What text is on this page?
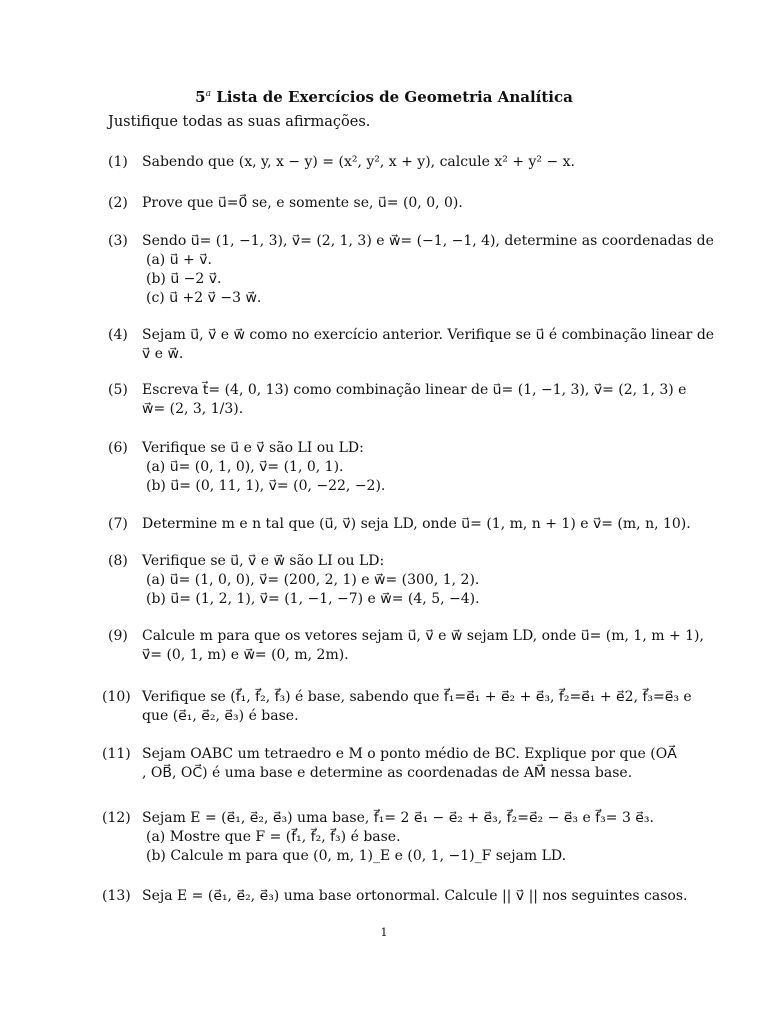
5$^a$ Lista de Exercícios de Geometria Analítica
Justifique todas as suas afirmações.
(1)	Sabendo que (x, y, x − y) = (x², y², x + y), calcule x² + y² − x.
(2)	Prove que u⃗=0⃗ se, e somente se, u⃗= (0, 0, 0).
(3)	Sendo u⃗= (1, −1, 3), v⃗= (2, 1, 3) e w⃗= (−1, −1, 4), determine as coordenadas de
(a) u⃗ + v⃗.
(b) u⃗ −2 v⃗.
(c) u⃗ +2 v⃗ −3 w⃗.
(4)	Sejam u⃗, v⃗ e w⃗ como no exercício anterior. Verifique se u⃗ é combinação linear de
v⃗ e w⃗.
(5)	Escreva t⃗= (4, 0, 13) como combinação linear de u⃗= (1, −1, 3), v⃗= (2, 1, 3) e
w⃗= (2, 3, 1/3).
(6)	Verifique se u⃗ e v⃗ são LI ou LD:
(a) u⃗= (0, 1, 0), v⃗= (1, 0, 1).
(b) u⃗= (0, 11, 1), v⃗= (0, −22, −2).
(7)	Determine m e n tal que (u⃗, v⃗) seja LD, onde u⃗= (1, m, n + 1) e v⃗= (m, n, 10).
(8)	Verifique se u⃗, v⃗ e w⃗ são LI ou LD:
(a) u⃗= (1, 0, 0), v⃗= (200, 2, 1) e w⃗= (300, 1, 2).
(b) u⃗= (1, 2, 1), v⃗= (1, −1, −7) e w⃗= (4, 5, −4).
(9)	Calcule m para que os vetores sejam u⃗, v⃗ e w⃗ sejam LD, onde u⃗= (m, 1, m + 1),
v⃗= (0, 1, m) e w⃗= (0, m, 2m).
(10) Verifique se (f⃗₁, f⃗₂, f⃗₃) é base, sabendo que f⃗₁=e⃗₁ + e⃗₂ + e⃗₃, f⃗₂=e⃗₁ + e⃗2, f⃗₃=e⃗₃ e
que (e⃗₁, e⃗₂, e⃗₃) é base.
(11) Sejam OABC um tetraedro e M o ponto médio de BC. Explique por que (OA⃗
, OB⃗, OC⃗) é uma base e determine as coordenadas de AM⃗ nessa base.
(12) Sejam E = (e⃗₁, e⃗₂, e⃗₃) uma base, f⃗₁= 2 e⃗₁ − e⃗₂ + e⃗₃, f⃗₂=e⃗₂ − e⃗₃ e f⃗₃= 3 e⃗₃.
(a) Mostre que F = (f⃗₁, f⃗₂, f⃗₃) é base.
(b) Calcule m para que (0, m, 1)_E e (0, 1, −1)_F sejam LD.
(13) Seja E = (e⃗₁, e⃗₂, e⃗₃) uma base ortonormal. Calcule || v⃗ || nos seguintes casos.
1
